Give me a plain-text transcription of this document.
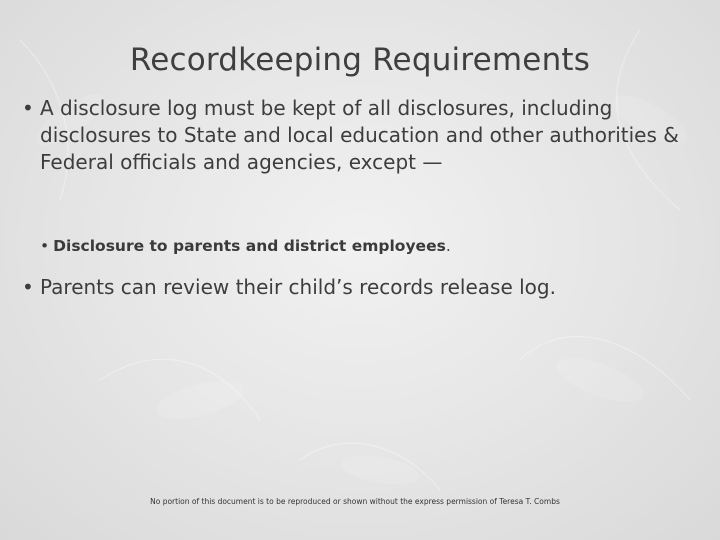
Recordkeeping Requirements
• A disclosure log must be kept of all disclosures, including disclosures to State and local education and other authorities & Federal officials and agencies, except —
• Disclosure to parents and district employees.
• Parents can review their child’s records release log.
No portion of this document is to be reproduced or shown without the express permission of Teresa T. Combs
